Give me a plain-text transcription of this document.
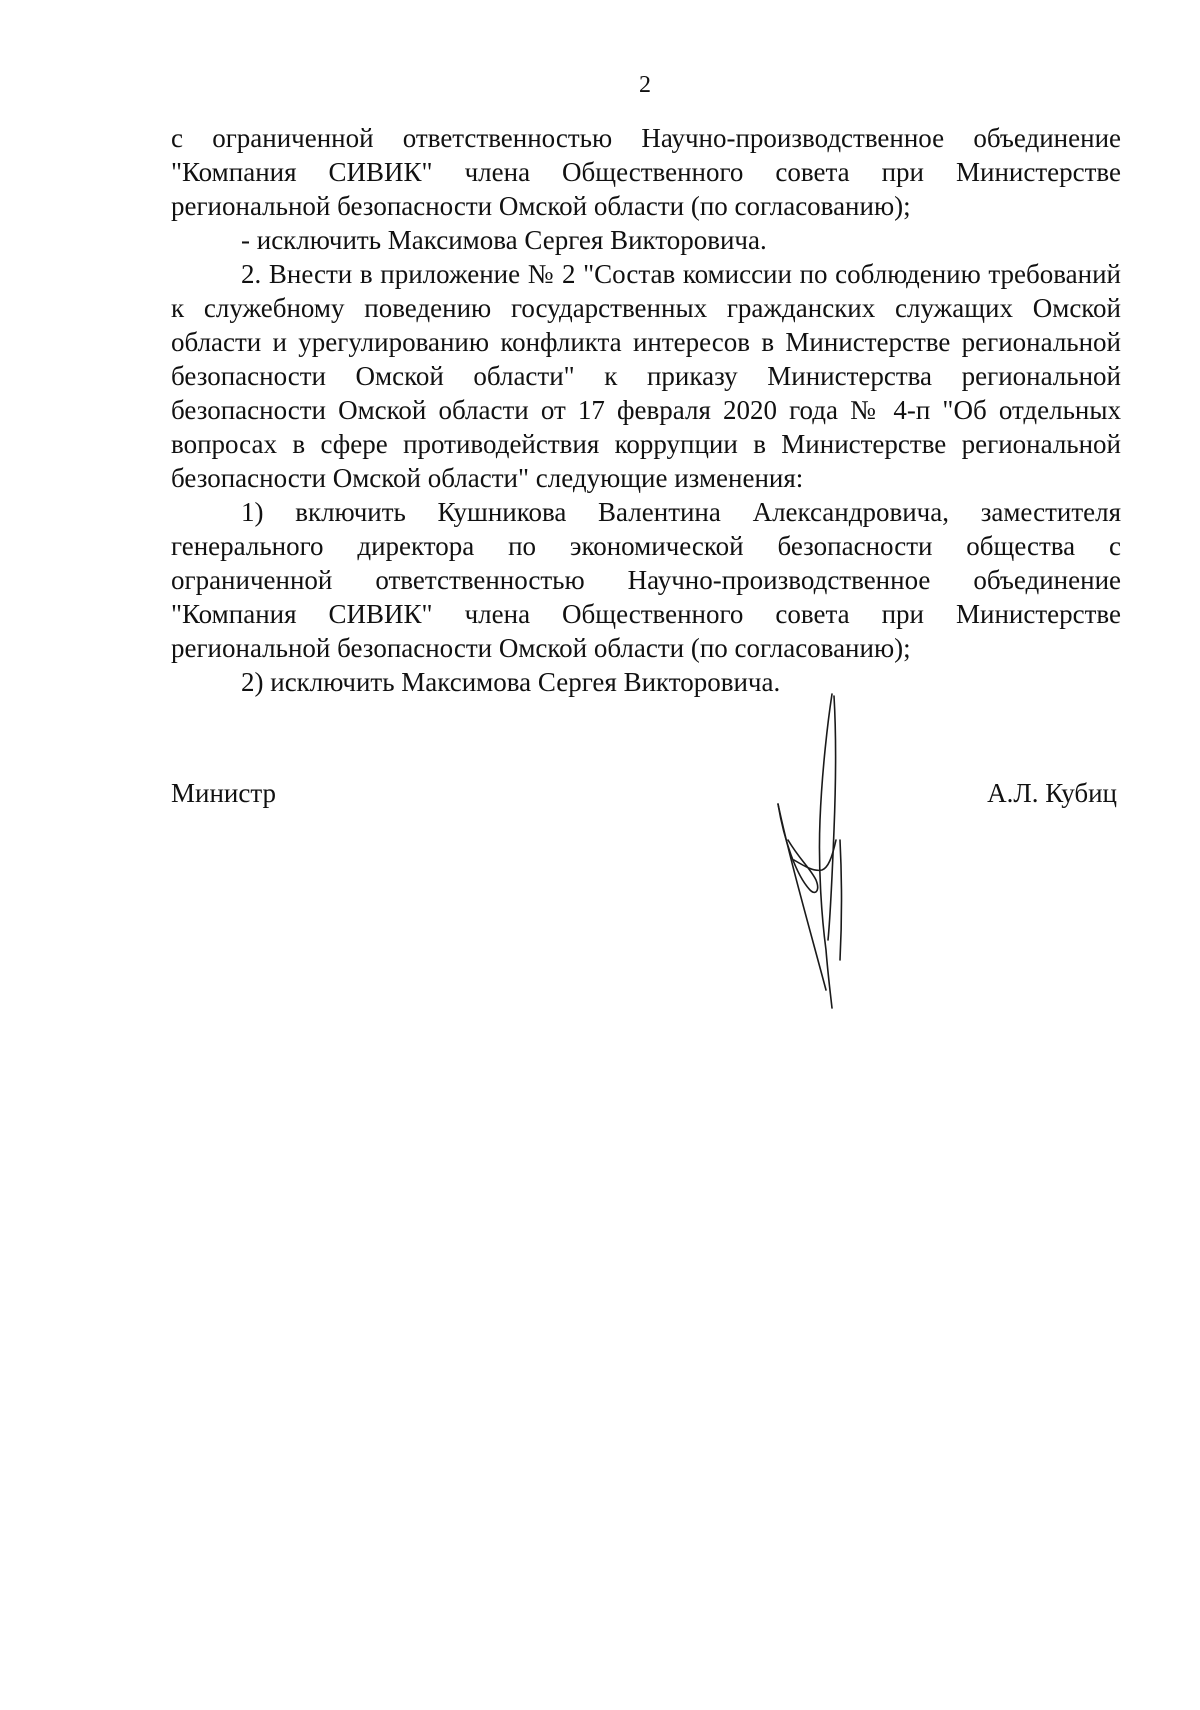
2

с ограниченной ответственностью Научно-производственное объединение "Компания СИВИК" члена Общественного совета при Министерстве региональной безопасности Омской области (по согласованию);

- исключить Максимова Сергея Викторовича.

2. Внести в приложение № 2 "Состав комиссии по соблюдению требований к служебному поведению государственных гражданских служащих Омской области и урегулированию конфликта интересов в Министерстве региональной безопасности Омской области" к приказу Министерства региональной безопасности Омской области от 17 февраля 2020 года № 4-п "Об отдельных вопросах в сфере противодействия коррупции в Министерстве региональной безопасности Омской области" следующие изменения:

1) включить Кушникова Валентина Александровича, заместителя генерального директора по экономической безопасности общества с ограниченной ответственностью Научно-производственное объединение "Компания СИВИК" члена Общественного совета при Министерстве региональной безопасности Омской области (по согласованию);

2) исключить Максимова Сергея Викторовича.

Министр	А.Л. Кубиц
